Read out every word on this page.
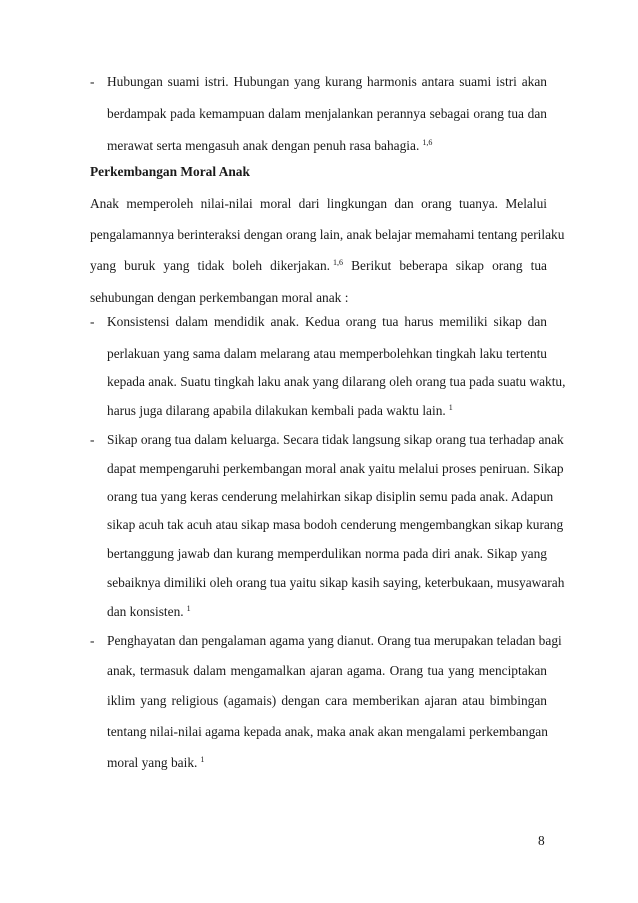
- Hubungan suami istri. Hubungan yang kurang harmonis antara suami istri akan

berdampak pada kemampuan dalam menjalankan perannya sebagai orang tua dan

merawat serta mengasuh anak dengan penuh rasa bahagia. $^{1,6}$

Perkembangan Moral Anak

Anak memperoleh nilai-nilai moral dari lingkungan dan orang tuanya. Melalui

pengalamannya berinteraksi dengan orang lain, anak belajar memahami tentang perilaku

yang buruk yang tidak boleh dikerjakan. $^{1,6}$ Berikut beberapa sikap orang tua

sehubungan dengan perkembangan moral anak :

- Konsistensi dalam mendidik anak. Kedua orang tua harus memiliki sikap dan

perlakuan yang sama dalam melarang atau memperbolehkan tingkah laku tertentu

kepada anak. Suatu tingkah laku anak yang dilarang oleh orang tua pada suatu waktu,

harus juga dilarang apabila dilakukan kembali pada waktu lain. $^1$

- Sikap orang tua dalam keluarga. Secara tidak langsung sikap orang tua terhadap anak

dapat mempengaruhi perkembangan moral anak yaitu melalui proses peniruan. Sikap

orang tua yang keras cenderung melahirkan sikap disiplin semu pada anak. Adapun

sikap acuh tak acuh atau sikap masa bodoh cenderung mengembangkan sikap kurang

bertanggung jawab dan kurang memperdulikan norma pada diri anak. Sikap yang

sebaiknya dimiliki oleh orang tua yaitu sikap kasih saying, keterbukaan, musyawarah

dan konsisten. $^1$

- Penghayatan dan pengalaman agama yang dianut. Orang tua merupakan teladan bagi

anak, termasuk dalam mengamalkan ajaran agama. Orang tua yang menciptakan

iklim yang religious (agamais) dengan cara memberikan ajaran atau bimbingan

tentang nilai-nilai agama kepada anak, maka anak akan mengalami perkembangan

moral yang baik. $^1$

8
